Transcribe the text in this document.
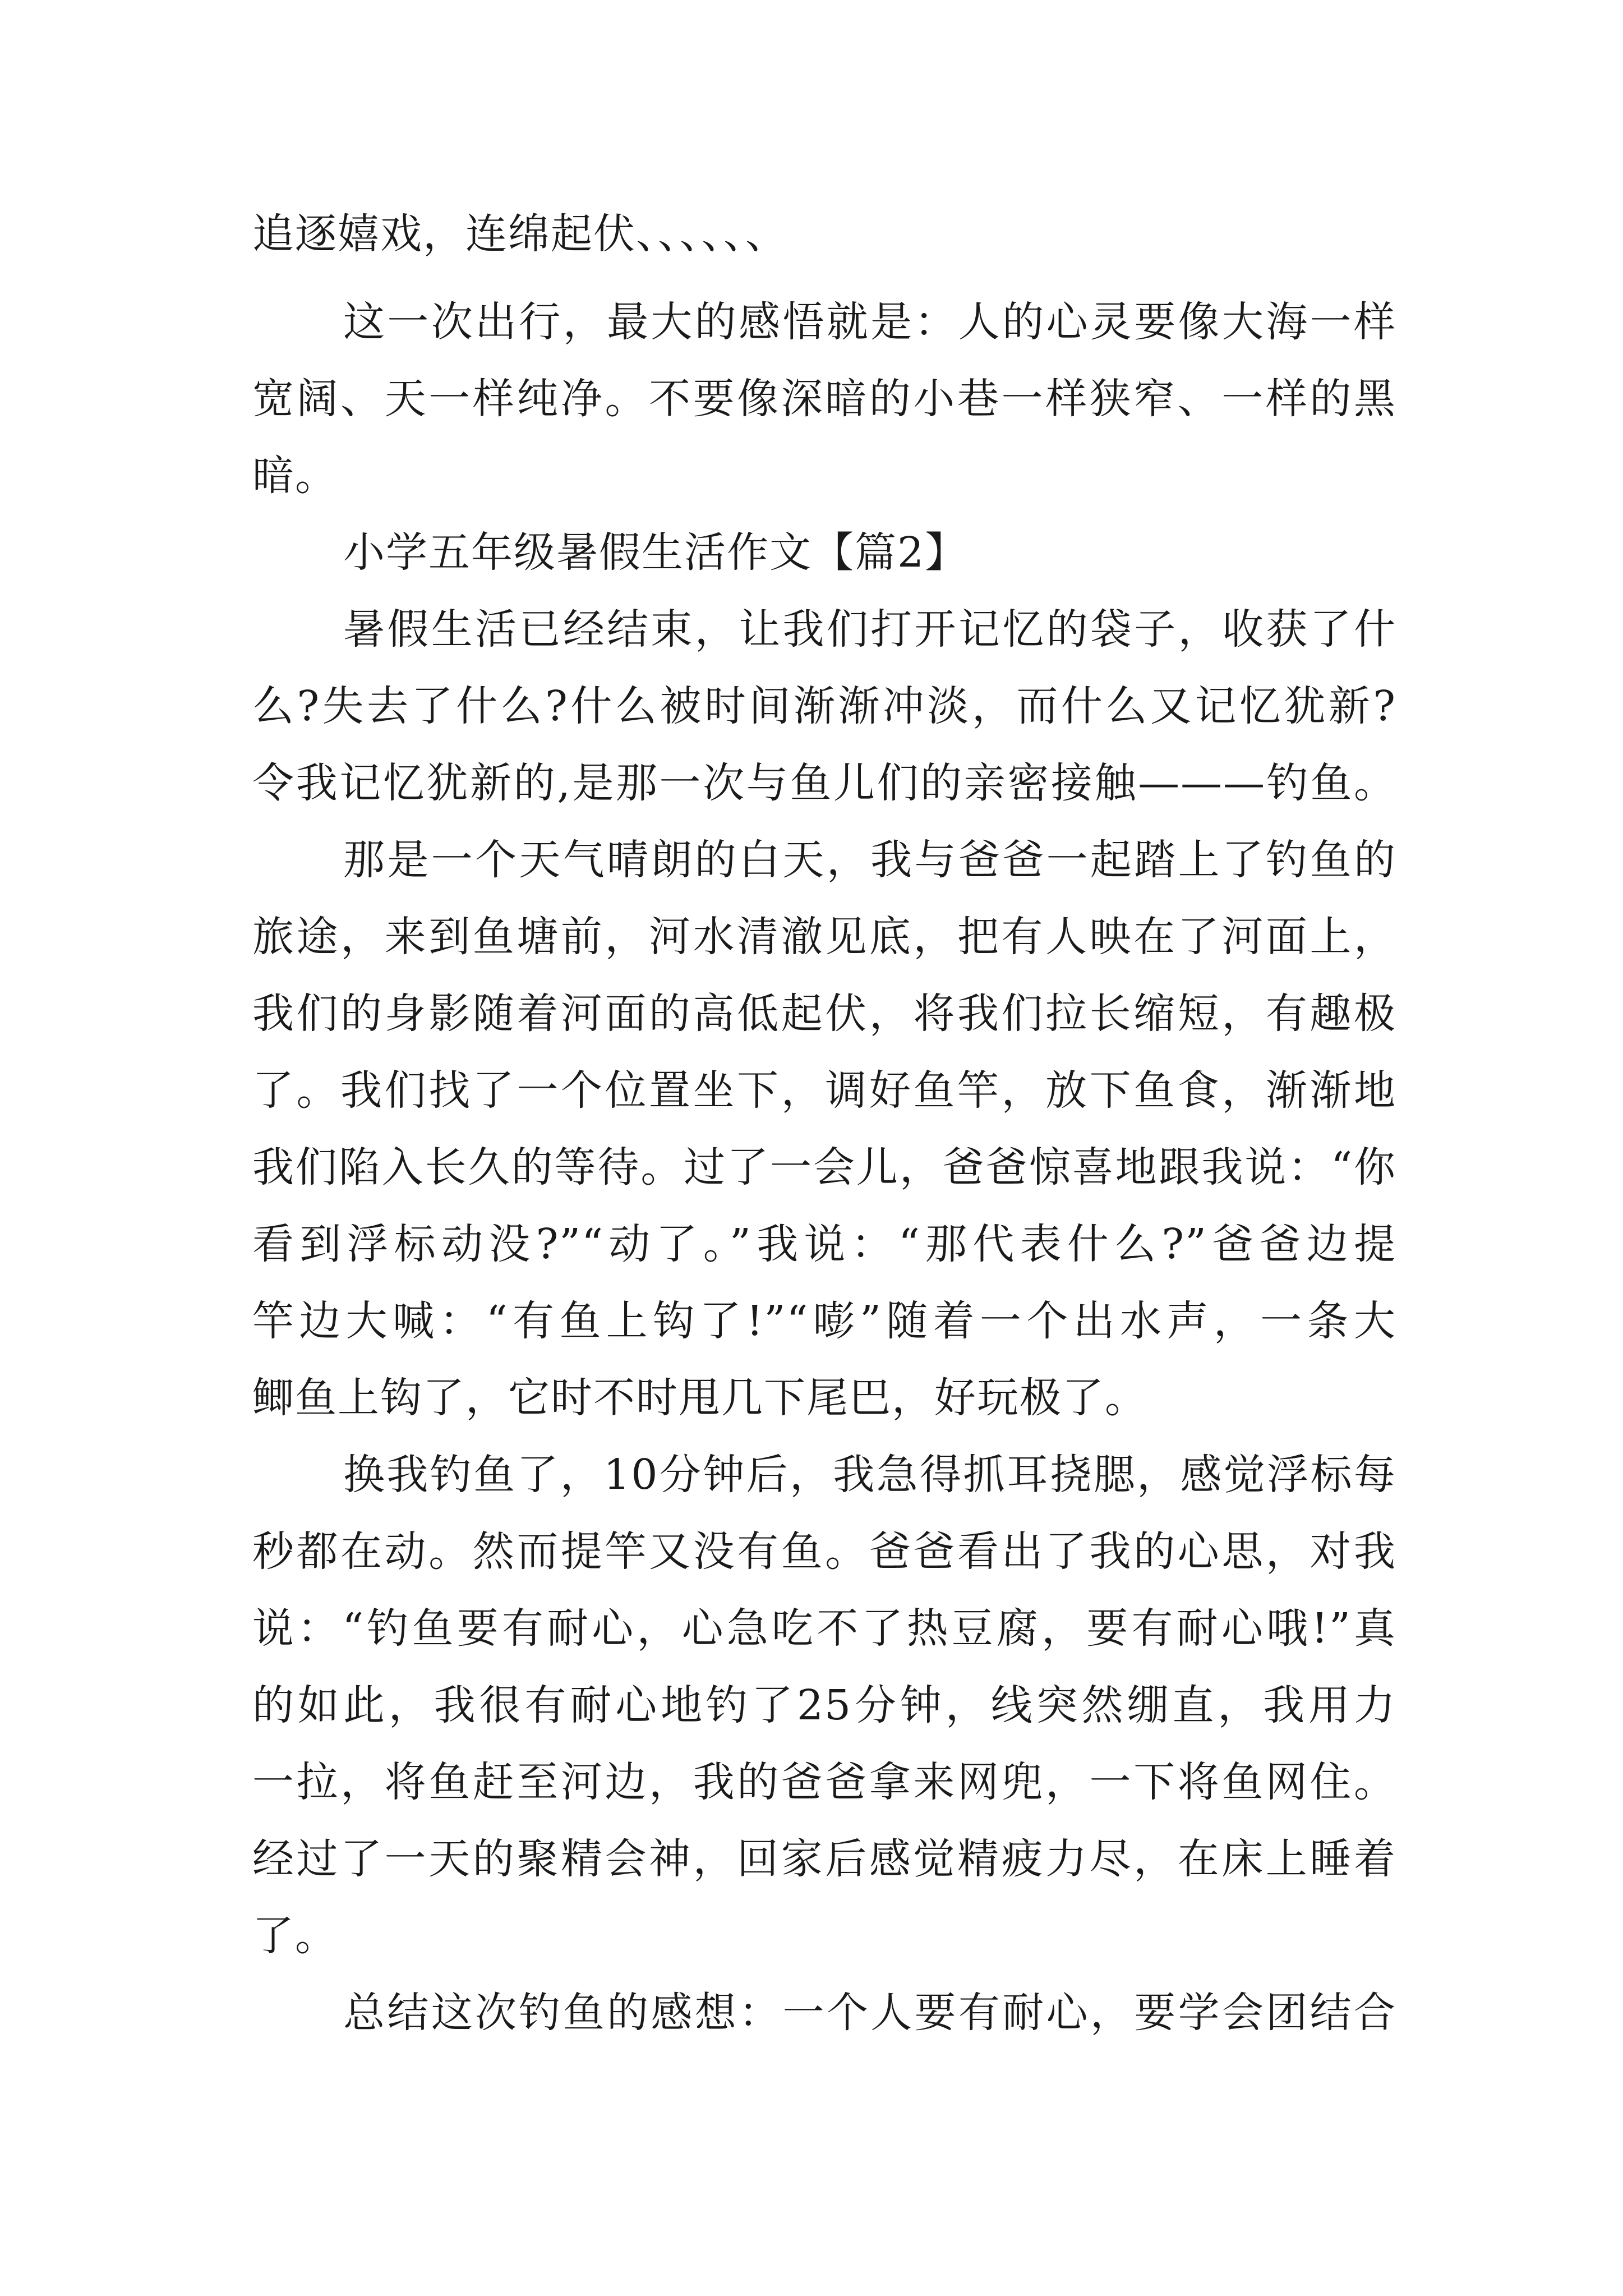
追逐嬉戏，连绵起伏、、、、、、
这一次出行，最大的感悟就是：人的心灵要像大海一样
宽阔、天一样纯净。不要像深暗的小巷一样狭窄、一样的黑
暗。
小学五年级暑假生活作文【篇2】
暑假生活已经结束，让我们打开记忆的袋子，收获了什
么?失去了什么?什么被时间渐渐冲淡，而什么又记忆犹新?
令我记忆犹新的,是那一次与鱼儿们的亲密接触———钓鱼。
那是一个天气晴朗的白天，我与爸爸一起踏上了钓鱼的
旅途，来到鱼塘前，河水清澈见底，把有人映在了河面上，
我们的身影随着河面的高低起伏，将我们拉长缩短，有趣极
了。我们找了一个位置坐下，调好鱼竿，放下鱼食，渐渐地
我们陷入长久的等待。过了一会儿，爸爸惊喜地跟我说：“你
看到浮标动没?”“动了。”我说：“那代表什么?”爸爸边提
竿边大喊：“有鱼上钩了!”“嘭”随着一个出水声，一条大
鲫鱼上钩了，它时不时甩几下尾巴，好玩极了。
换我钓鱼了，10分钟后，我急得抓耳挠腮，感觉浮标每
秒都在动。然而提竿又没有鱼。爸爸看出了我的心思，对我
说：“钓鱼要有耐心，心急吃不了热豆腐，要有耐心哦!”真
的如此，我很有耐心地钓了25分钟，线突然绷直，我用力
一拉，将鱼赶至河边，我的爸爸拿来网兜，一下将鱼网住。
经过了一天的聚精会神，回家后感觉精疲力尽，在床上睡着
了。
总结这次钓鱼的感想：一个人要有耐心，要学会团结合
